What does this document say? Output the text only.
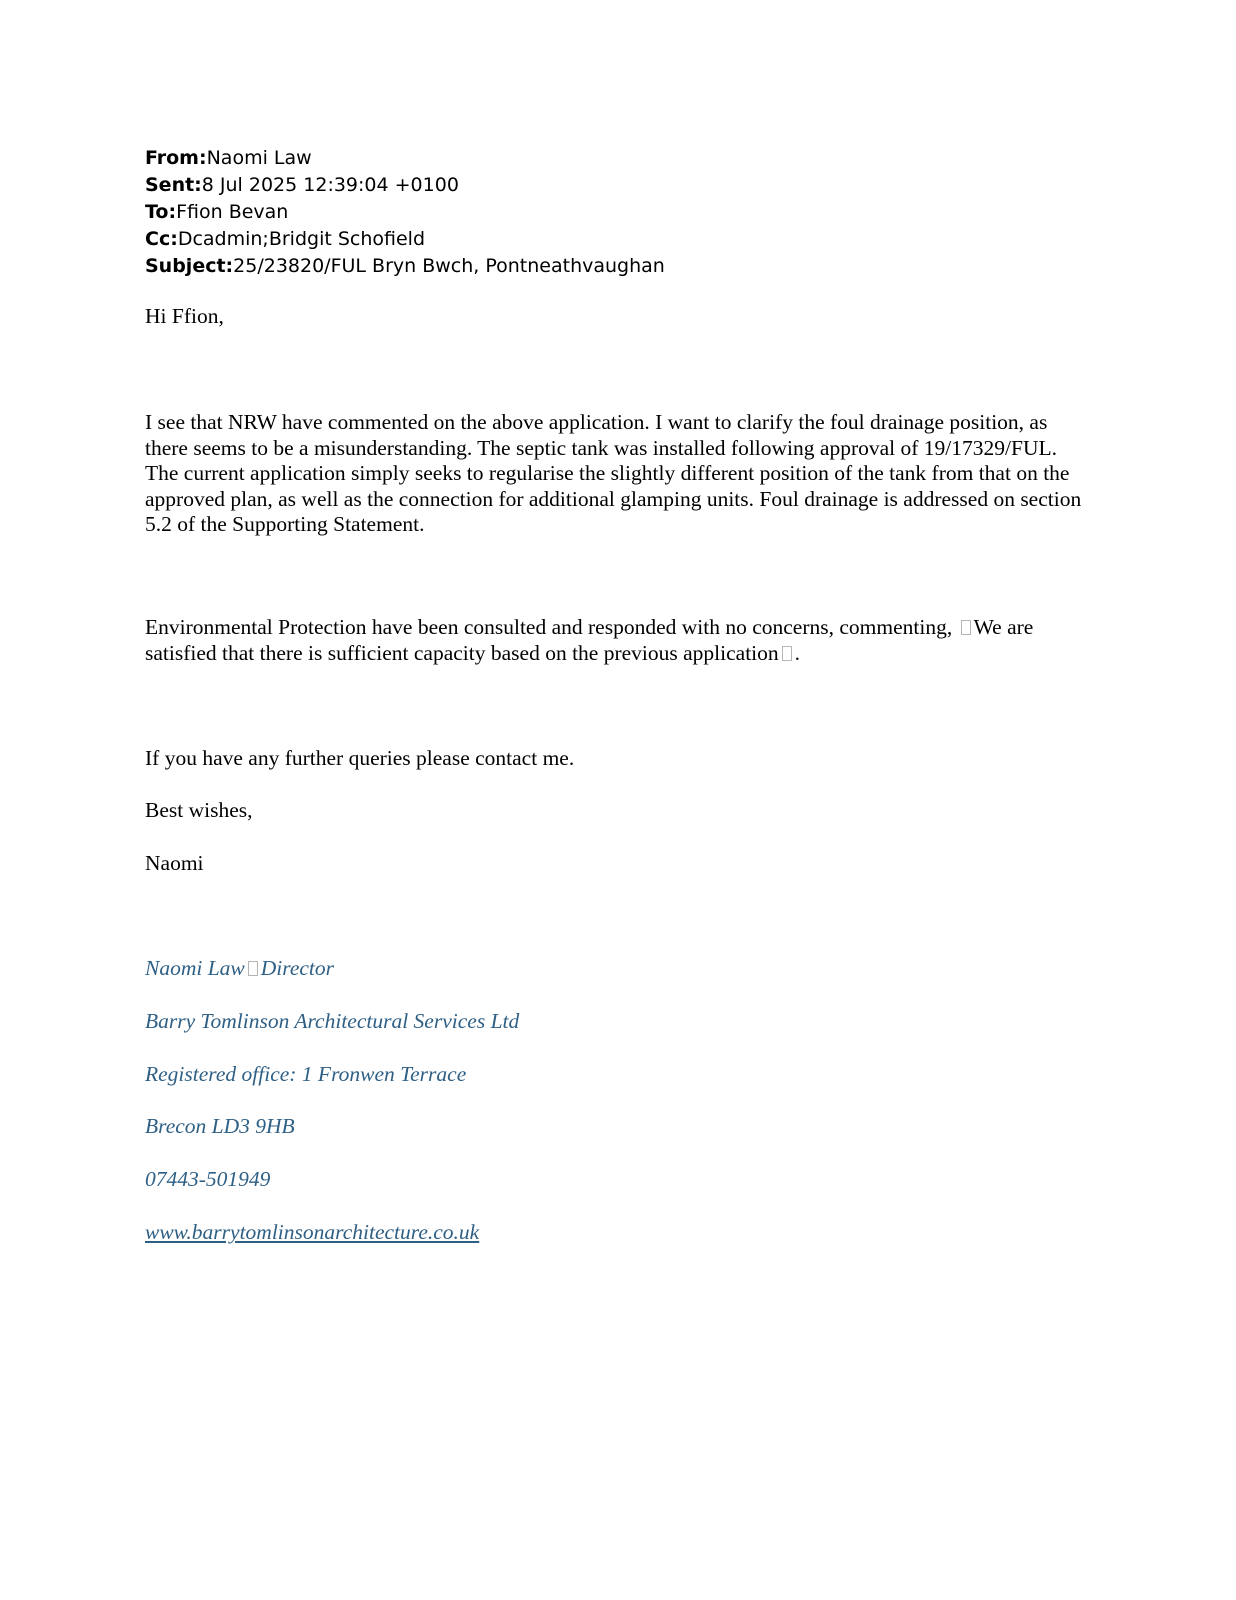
From:Naomi Law
Sent:8 Jul 2025 12:39:04 +0100
To:Ffion Bevan
Cc:Dcadmin;Bridgit Schofield
Subject:25/23820/FUL Bryn Bwch, Pontneathvaughan

Hi Ffion,

I see that NRW have commented on the above application. I want to clarify the foul drainage position, as there seems to be a misunderstanding. The septic tank was installed following approval of 19/17329/FUL. The current application simply seeks to regularise the slightly different position of the tank from that on the approved plan, as well as the connection for additional glamping units. Foul drainage is addressed on section 5.2 of the Supporting Statement.

Environmental Protection have been consulted and responded with no concerns, commenting, We are satisfied that there is sufficient capacity based on the previous application .

If you have any further queries please contact me.

Best wishes,

Naomi

Naomi Law Director

Barry Tomlinson Architectural Services Ltd

Registered office: 1 Fronwen Terrace

Brecon LD3 9HB

07443-501949

www.barrytomlinsonarchitecture.co.uk
